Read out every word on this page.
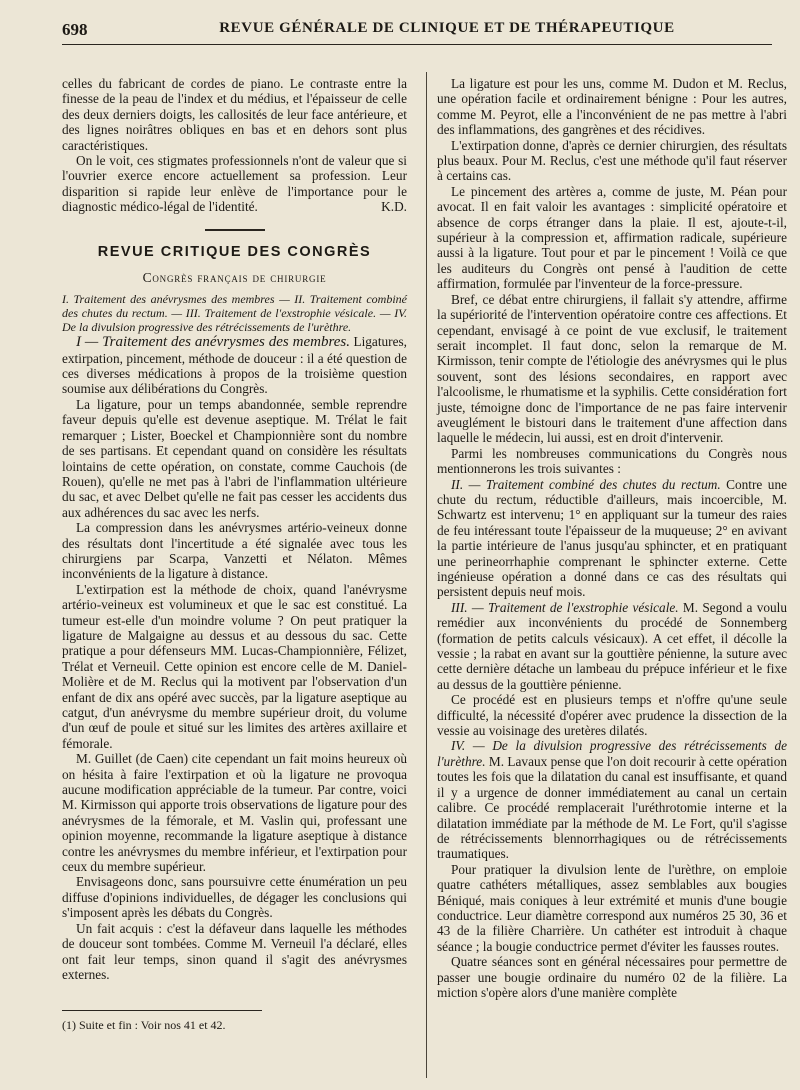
698	REVUE GÉNÉRALE DE CLINIQUE ET DE THÉRAPEUTIQUE

celles du fabricant de cordes de piano. Le contraste entre la finesse de la peau de l'index et du médius, et l'épaisseur de celle des deux derniers doigts, les callosités de leur face antérieure, et des lignes noirâtres obliques en bas et en dehors sont plus caractéristiques.

On le voit, ces stigmates professionnels n'ont de valeur que si l'ouvrier exerce encore actuellement sa profession. Leur disparition si rapide leur enlève de l'importance pour le diagnostic médico-légal de l'identité.	K.D.

REVUE CRITIQUE DES CONGRÈS
Congrès français de chirurgie

I. Traitement des anévrysmes des membres — II. Traitement combiné des chutes du rectum. — III. Traitement de l'exstrophie vésicale. — IV. De la divulsion progressive des rétrécissements de l'urèthre.

I — Traitement des anévrysmes des membres. Ligatures, extirpation, pincement, méthode de douceur : il a été question de ces diverses médications à propos de la troisième question soumise aux délibérations du Congrès.

La ligature, pour un temps abandonnée, semble reprendre faveur depuis qu'elle est devenue aseptique. M. Trélat le fait remarquer ; Lister, Boeckel et Championnière sont du nombre de ses partisans. Et cependant quand on considère les résultats lointains de cette opération, on constate, comme Cauchois (de Rouen), qu'elle ne met pas à l'abri de l'inflammation ultérieure du sac, et avec Delbet qu'elle ne fait pas cesser les accidents dus aux adhérences du sac avec les nerfs.

La compression dans les anévrysmes artério-veineux donne des résultats dont l'incertitude a été signalée avec tous les chirurgiens par Scarpa, Vanzetti et Nélaton. Mêmes inconvénients de la ligature à distance.

L'extirpation est la méthode de choix, quand l'anévrysme artério-veineux est volumineux et que le sac est constitué. La tumeur est-elle d'un moindre volume ? On peut pratiquer la ligature de Malgaigne au dessus et au dessous du sac. Cette pratique a pour défenseurs MM. Lucas-Championnière, Félizet, Trélat et Verneuil. Cette opinion est encore celle de M. Daniel-Molière et de M. Reclus qui la motivent par l'observation d'un enfant de dix ans opéré avec succès, par la ligature aseptique au catgut, d'un anévrysme du membre supérieur droit, du volume d'un œuf de poule et situé sur les limites des artères axillaire et fémorale.

M. Guillet (de Caen) cite cependant un fait moins heureux où on hésita à faire l'extirpation et où la ligature ne provoqua aucune modification appréciable de la tumeur. Par contre, voici M. Kirmisson qui apporte trois observations de ligature pour des anévrysmes de la fémorale, et M. Vaslin qui, professant une opinion moyenne, recommande la ligature aseptique à distance contre les anévrysmes du membre inférieur, et l'extirpation pour ceux du membre supérieur.

Envisageons donc, sans poursuivre cette énumération un peu diffuse d'opinions individuelles, de dégager les conclusions qui s'imposent après les débats du Congrès.

Un fait acquis : c'est la défaveur dans laquelle les méthodes de douceur sont tombées. Comme M. Verneuil l'a déclaré, elles ont fait leur temps, sinon quand il s'agit des anévrysmes externes.

(1) Suite et fin : Voir nos 41 et 42.

La ligature est pour les uns, comme M. Dudon et M. Reclus, une opération facile et ordinairement bénigne : Pour les autres, comme M. Peyrot, elle a l'inconvénient de ne pas mettre à l'abri des inflammations, des gangrènes et des récidives.

L'extirpation donne, d'après ce dernier chirurgien, des résultats plus beaux. Pour M. Reclus, c'est une méthode qu'il faut réserver à certains cas.

Le pincement des artères a, comme de juste, M. Péan pour avocat. Il en fait valoir les avantages : simplicité opératoire et absence de corps étranger dans la plaie. Il est, ajoute-t-il, supérieur à la compression et, affirmation radicale, supérieure aussi à la ligature. Tout pour et par le pincement ! Voilà ce que les auditeurs du Congrès ont pensé à l'audition de cette affirmation, formulée par l'inventeur de la force-pressure.

Bref, ce débat entre chirurgiens, il fallait s'y attendre, affirme la supériorité de l'intervention opératoire contre ces affections. Et cependant, envisagé à ce point de vue exclusif, le traitement serait incomplet. Il faut donc, selon la remarque de M. Kirmisson, tenir compte de l'étiologie des anévrysmes qui le plus souvent, sont des lésions secondaires, en rapport avec l'alcoolisme, le rhumatisme et la syphilis. Cette considération fort juste, témoigne donc de l'importance de ne pas faire intervenir aveuglément le bistouri dans le traitement d'une affection dans laquelle le médecin, lui aussi, est en droit d'intervenir.

Parmi les nombreuses communications du Congrès nous mentionnerons les trois suivantes :

II. — Traitement combiné des chutes du rectum. Contre une chute du rectum, réductible d'ailleurs, mais incoercible, M. Schwartz est intervenu; 1° en appliquant sur la tumeur des raies de feu intéressant toute l'épaisseur de la muqueuse; 2° en avivant la partie intérieure de l'anus jusqu'au sphincter, et en pratiquant une perineorrhaphie comprenant le sphincter externe. Cette ingénieuse opération a donné dans ce cas des résultats qui persistent depuis neuf mois.

III. — Traitement de l'exstrophie vésicale. M. Segond a voulu remédier aux inconvénients du procédé de Sonnemberg (formation de petits calculs vésicaux). A cet effet, il décolle la vessie ; la rabat en avant sur la gouttière pénienne, la suture avec cette dernière détache un lambeau du prépuce inférieur et le fixe au dessus de la gouttière pénienne.

Ce procédé est en plusieurs temps et n'offre qu'une seule difficulté, la nécessité d'opérer avec prudence la dissection de la vessie au voisinage des uretères dilatés.

IV. — De la divulsion progressive des rétrécissements de l'urèthre. M. Lavaux pense que l'on doit recourir à cette opération toutes les fois que la dilatation du canal est insuffisante, et quand il y a urgence de donner immédiatement au canal un certain calibre. Ce procédé remplacerait l'uréthrotomie interne et la dilatation immédiate par la méthode de M. Le Fort, qu'il s'agisse de rétrécissements blennorrhagiques ou de rétrécissements traumatiques.

Pour pratiquer la divulsion lente de l'urèthre, on emploie quatre cathéters métalliques, assez semblables aux bougies Béniqué, mais coniques à leur extrémité et munis d'une bougie conductrice. Leur diamètre correspond aux numéros 25 30, 36 et 43 de la filière Charrière. Un cathéter est introduit à chaque séance ; la bougie conductrice permet d'éviter les fausses routes.

Quatre séances sont en général nécessaires pour permettre de passer une bougie ordinaire du numéro 02 de la filière. La miction s'opère alors d'une manière complète
